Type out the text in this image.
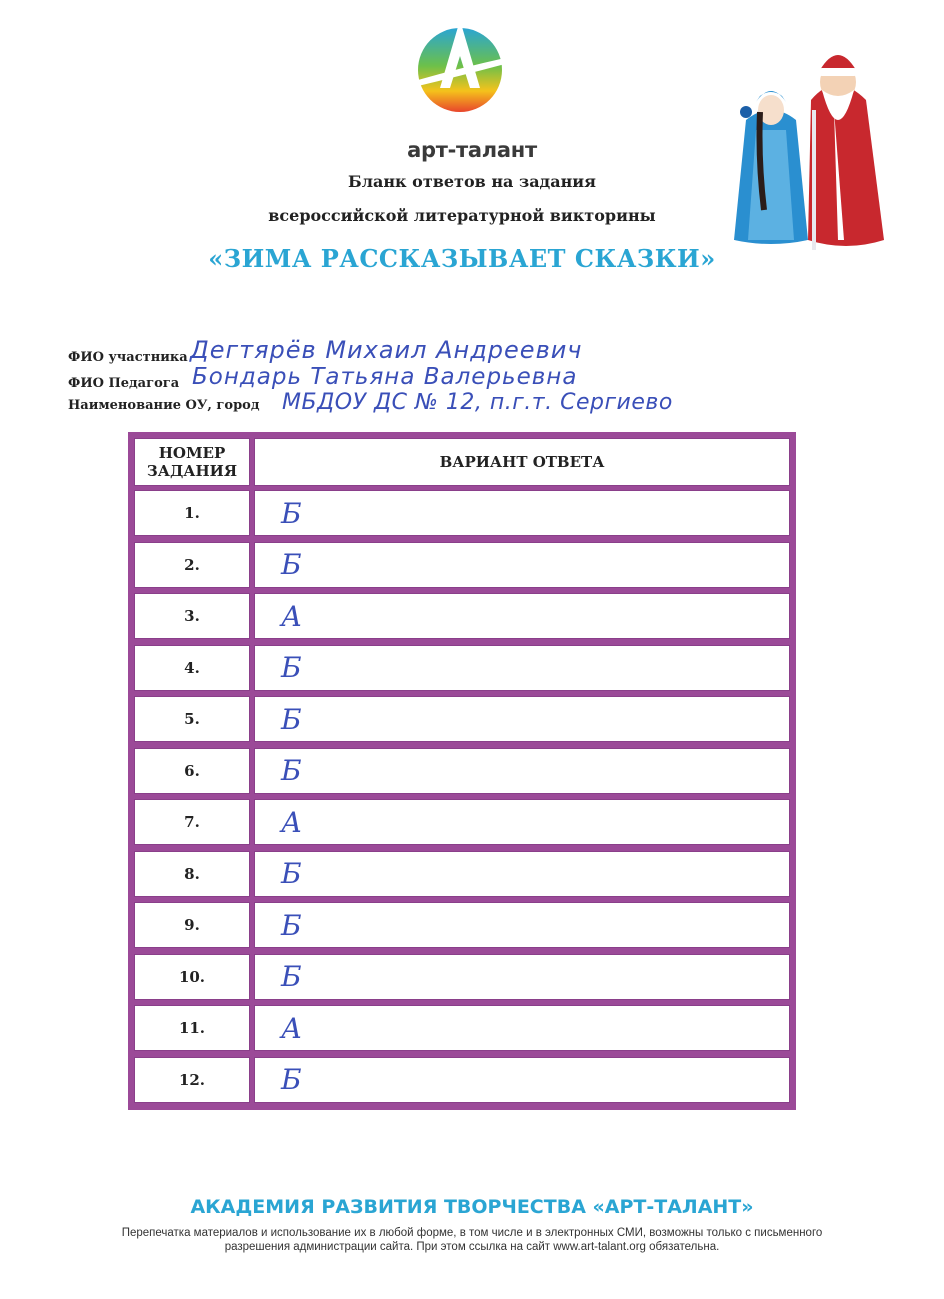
арт-талант
Бланк ответов на задания
всероссийской литературной викторины
«ЗИМА РАССКАЗЫВАЕТ СКАЗКИ»
ФИО участника Дегтярёв Михаил Андреевич
ФИО Педагога Бондарь Татьяна Валерьевна
Наименование ОУ, город МБДОУ ДС № 12, п.г.т. Сергиево
НОМЕР ЗАДАНИЯ	ВАРИАНТ ОТВЕТА
1.	Б
2.	Б
3.	А
4.	Б
5.	Б
6.	Б
7.	А
8.	Б
9.	Б
10.	Б
11.	А
12.	Б
АКАДЕМИЯ РАЗВИТИЯ ТВОРЧЕСТВА «АРТ-ТАЛАНТ»
Перепечатка материалов и использование их в любой форме, в том числе и в электронных СМИ, возможны только с письменного разрешения администрации сайта. При этом ссылка на сайт www.art-talant.org обязательна.
